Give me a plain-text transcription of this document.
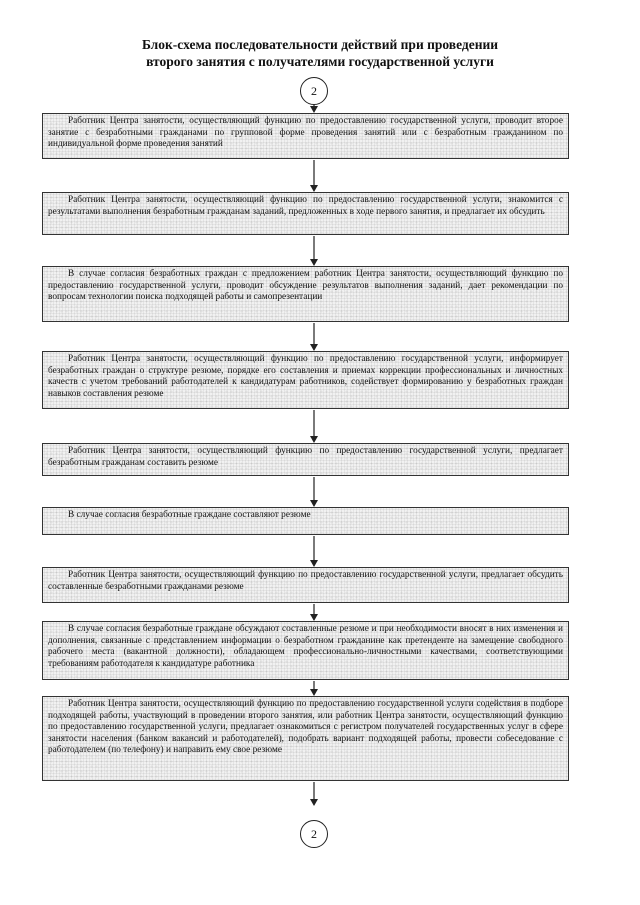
Блок-схема последовательности действий при проведении
второго занятия с получателями государственной услуги
2
Работник Центра занятости, осуществляющий функцию по предоставлению государственной услуги, проводит второе занятие с безработными гражданами по групповой форме проведения занятий или с безработным гражданином по индивидуальной форме проведения занятий
Работник Центра занятости, осуществляющий функцию по предоставлению государственной услуги, знакомится с результатами выполнения безработным гражданам заданий, предложенных в ходе первого занятия, и предлагает их обсудить
В случае согласия безработных граждан с предложением работник Центра занятости, осуществляющий функцию по предоставлению государственной услуги, проводит обсуждение результатов выполнения заданий, дает рекомендации по вопросам технологии поиска подходящей работы и самопрезентации
Работник Центра занятости, осуществляющий функцию по предоставлению государственной услуги, информирует безработных граждан о структуре резюме, порядке его составления и приемах коррекции профессиональных и личностных качеств с учетом требований работодателей к кандидатурам работников, содействует формированию у безработных граждан навыков составления резюме
Работник Центра занятости, осуществляющий функцию по предоставлению государственной услуги, предлагает безработным гражданам составить резюме
В случае согласия безработные граждане составляют резюме
Работник Центра занятости, осуществляющий функцию по предоставлению государственной услуги, предлагает обсудить составленные безработными гражданами резюме
В случае согласия безработные граждане обсуждают составленные резюме и при необходимости вносят в них изменения и дополнения, связанные с представлением информации о безработном гражданине как претенденте на замещение свободного рабочего места (вакантной должности), обладающем профессионально-личностными качествами, соответствующими требованиям работодателя к кандидатуре работника
Работник Центра занятости, осуществляющий функцию по предоставлению государственной услуги содействия в подборе подходящей работы, участвующий в проведении второго занятия, или работник Центра занятости, осуществляющий функцию по предоставлению государственной услуги, предлагает ознакомиться с регистром получателей государственных услуг в сфере занятости населения (банком вакансий и работодателей), подобрать вариант подходящей работы, провести собеседование с работодателем (по телефону) и направить ему свое резюме
2
